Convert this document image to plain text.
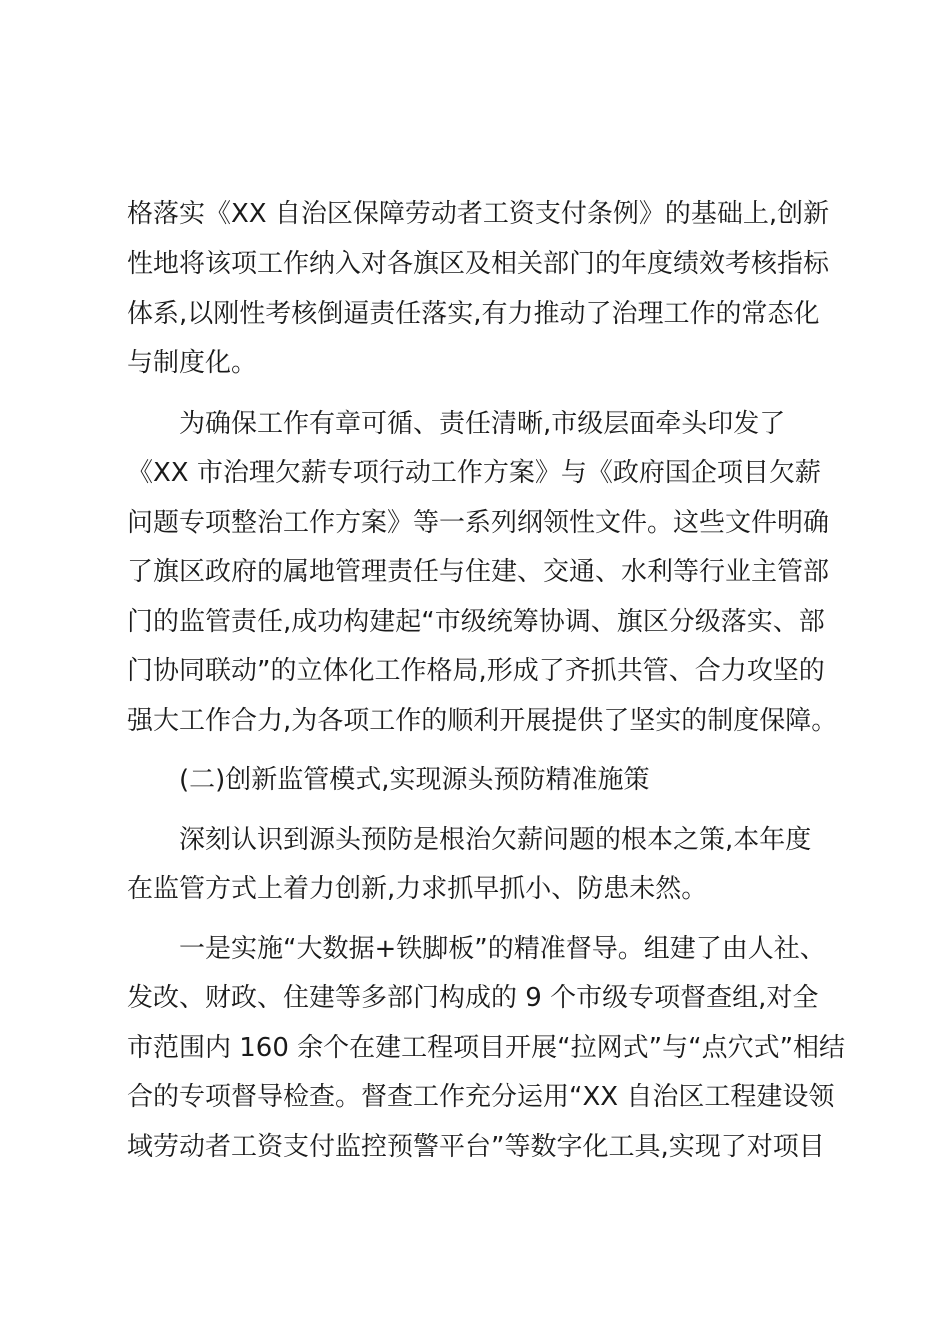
格落实《XX 自治区保障劳动者工资支付条例》的基础上,创新
性地将该项工作纳入对各旗区及相关部门的年度绩效考核指标
体系,以刚性考核倒逼责任落实,有力推动了治理工作的常态化
与制度化。
为确保工作有章可循、责任清晰,市级层面牵头印发了
《XX 市治理欠薪专项行动工作方案》与《政府国企项目欠薪
问题专项整治工作方案》等一系列纲领性文件。这些文件明确
了旗区政府的属地管理责任与住建、交通、水利等行业主管部
门的监管责任,成功构建起“市级统筹协调、旗区分级落实、部
门协同联动”的立体化工作格局,形成了齐抓共管、合力攻坚的
强大工作合力,为各项工作的顺利开展提供了坚实的制度保障。
(二)创新监管模式,实现源头预防精准施策
深刻认识到源头预防是根治欠薪问题的根本之策,本年度
在监管方式上着力创新,力求抓早抓小、防患未然。
一是实施“大数据+铁脚板”的精准督导。组建了由人社、
发改、财政、住建等多部门构成的 9 个市级专项督查组,对全
市范围内 160 余个在建工程项目开展“拉网式”与“点穴式”相结
合的专项督导检查。督查工作充分运用“XX 自治区工程建设领
域劳动者工资支付监控预警平台”等数字化工具,实现了对项目
